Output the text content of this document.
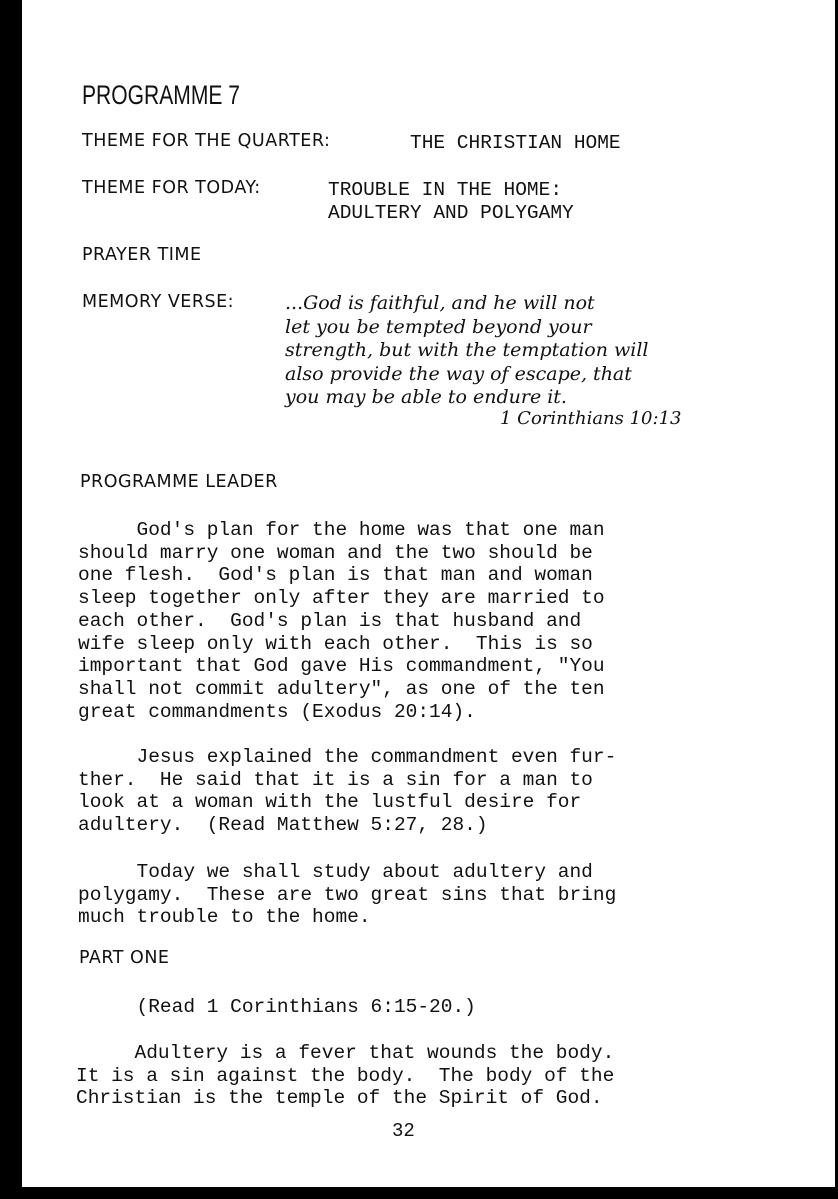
PROGRAMME 7
THEME FOR THE QUARTER:	THE CHRISTIAN HOME
THEME FOR TODAY:	TROUBLE IN THE HOME:
ADULTERY AND POLYGAMY
PRAYER TIME
MEMORY VERSE:	...God is faithful, and he will not
let you be tempted beyond your
strength, but with the temptation will
also provide the way of escape, that
you may be able to endure it.
1 Corinthians 10:13
PROGRAMME LEADER
God's plan for the home was that one man
should marry one woman and the two should be
one flesh.  God's plan is that man and woman
sleep together only after they are married to
each other.  God's plan is that husband and
wife sleep only with each other.  This is so
important that God gave His commandment, "You
shall not commit adultery", as one of the ten
great commandments (Exodus 20:14).
Jesus explained the commandment even fur-
ther.  He said that it is a sin for a man to
look at a woman with the lustful desire for
adultery.  (Read Matthew 5:27, 28.)
Today we shall study about adultery and
polygamy.  These are two great sins that bring
much trouble to the home.
PART ONE
(Read 1 Corinthians 6:15-20.)
Adultery is a fever that wounds the body.
It is a sin against the body.  The body of the
Christian is the temple of the Spirit of God.
32
